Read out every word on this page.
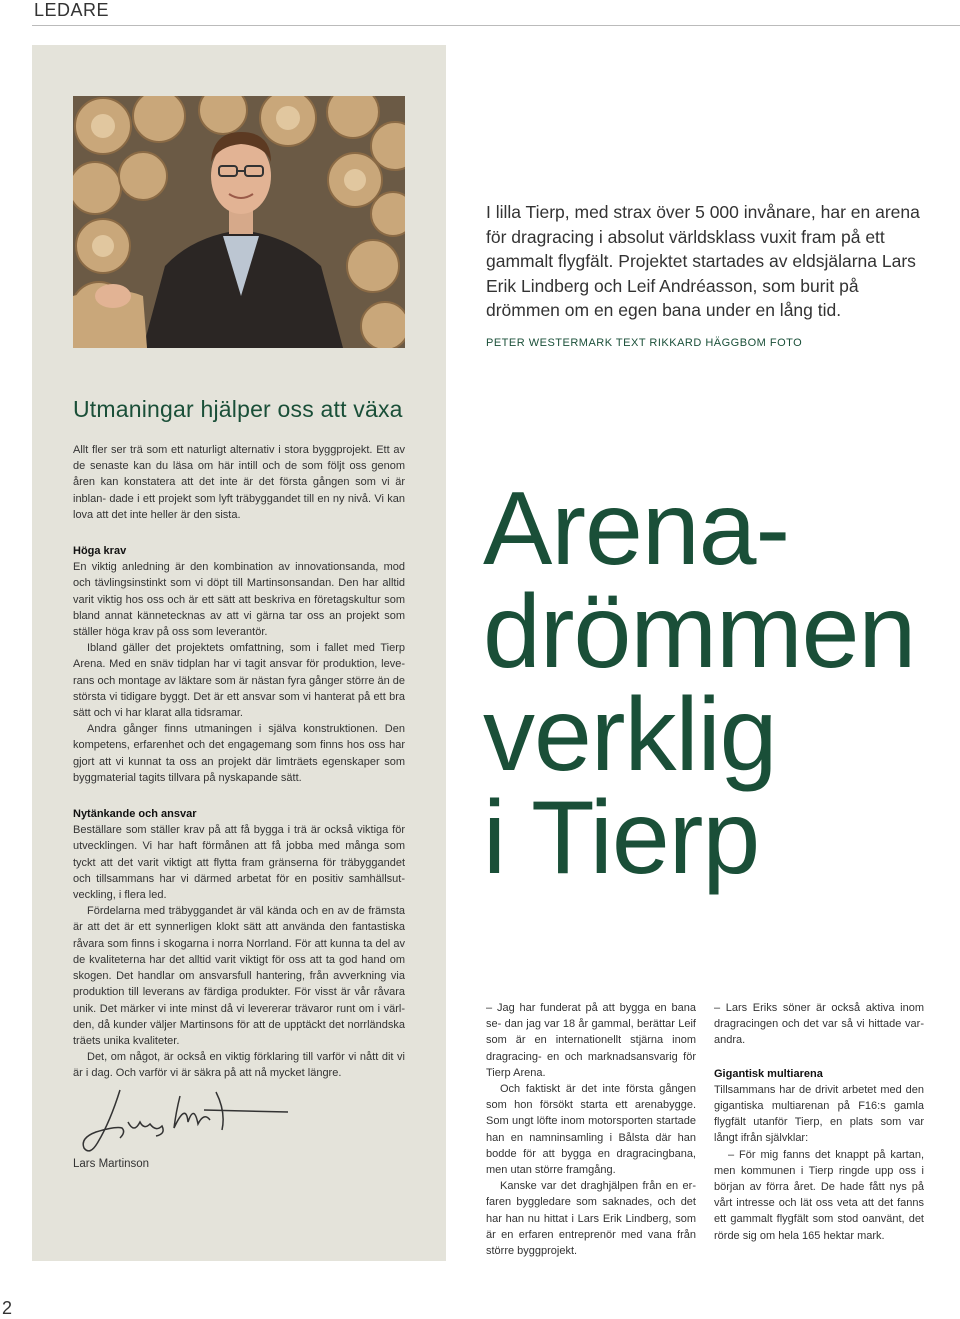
LEDARE
Utmaningar hjälper oss att växa

Allt fler ser trä som ett naturligt alternativ i stora byggprojekt. Ett av de senaste kan du läsa om här intill och de som följt oss genom åren kan konstatera att det inte är det första gången som vi är inblan- dade i ett projekt som lyft träbyggandet till en ny nivå. Vi kan lova att det inte heller är den sista.

Höga krav

En viktig anledning är den kombination av innovationsanda, mod och tävlingsinstinkt som vi döpt till Martinsonsandan. Den har alltid varit viktig hos oss och är ett sätt att beskriva en företagskultur som bland annat kännetecknas av att vi gärna tar oss an projekt som ställer höga krav på oss som leverantör.

Ibland gäller det projektets omfattning, som i fallet med Tierp Arena. Med en snäv tidplan har vi tagit ansvar för produktion, leve- rans och montage av läktare som är nästan fyra gånger större än de största vi tidigare byggt. Det är ett ansvar som vi hanterat på ett bra sätt och vi har klarat alla tidsramar.

Andra gånger finns utmaningen i själva konstruktionen. Den kompetens, erfarenhet och det engagemang som finns hos oss har gjort att vi kunnat ta oss an projekt där limträets egenskaper som byggmaterial tagits tillvara på nyskapande sätt.

Nytänkande och ansvar

Beställare som ställer krav på att få bygga i trä är också viktiga för utvecklingen. Vi har haft förmånen att få jobba med många som tyckt att det varit viktigt att flytta fram gränserna för träbyggandet och tillsammans har vi därmed arbetat för en positiv samhällsut- veckling, i flera led.

Fördelarna med träbyggandet är väl kända och en av de främsta är att det är ett synnerligen klokt sätt att använda den fantastiska råvara som finns i skogarna i norra Norrland. För att kunna ta del av de kvaliteterna har det alltid varit viktigt för oss att ta god hand om skogen. Det handlar om ansvarsfull hantering, från avverkning via produktion till leverans av färdiga produkter. För visst är vår råvara unik. Det märker vi inte minst då vi levererar trävaror runt om i värl- den, då kunder väljer Martinsons för att de upptäckt det norrländska träets unika kvaliteter.

Det, om något, är också en viktig förklaring till varför vi nått dit vi är i dag. Och varför vi är säkra på att nå mycket längre.

Lars Martinson

I lilla Tierp, med strax över 5 000 invånare, har en arena för dragracing i absolut världsklass vuxit fram på ett gammalt flygfält. Projektet startades av eldsjälarna Lars Erik Lindberg och Leif Andréasson, som burit på drömmen om en egen bana under en lång tid.

PETER WESTERMARK TEXT RIKKARD HÄGGBOM FOTO
Arena-
drömmen
verklig
i Tierp

– Jag har funderat på att bygga en bana se- dan jag var 18 år gammal, berättar Leif som är en internationellt stjärna inom dragracing- en och marknadsansvarig för Tierp Arena.

Och faktiskt är det inte första gången som hon försökt starta ett arenabygge. Som ungt löfte inom motorsporten startade han en namninsamling i Bålsta där han bodde för att bygga en dragracingbana, men utan större framgång.

Kanske var det draghjälpen från en er- faren byggledare som saknades, och det har han nu hittat i Lars Erik Lindberg, som är en erfaren entreprenör med vana från större byggprojekt.

– Lars Eriks söner är också aktiva inom dragracingen och det var så vi hittade var- andra.

Gigantisk multiarena

Tillsammans har de drivit arbetet med den gigantiska multiarenan på F16:s gamla flygfält utanför Tierp, en plats som var långt ifrån självklar:

– För mig fanns det knappt på kartan, men kommunen i Tierp ringde upp oss i början av förra året. De hade fått nys på vårt intresse och lät oss veta att det fanns ett gammalt flygfält som stod oanvänt, det rörde sig om hela 165 hektar mark.

2
